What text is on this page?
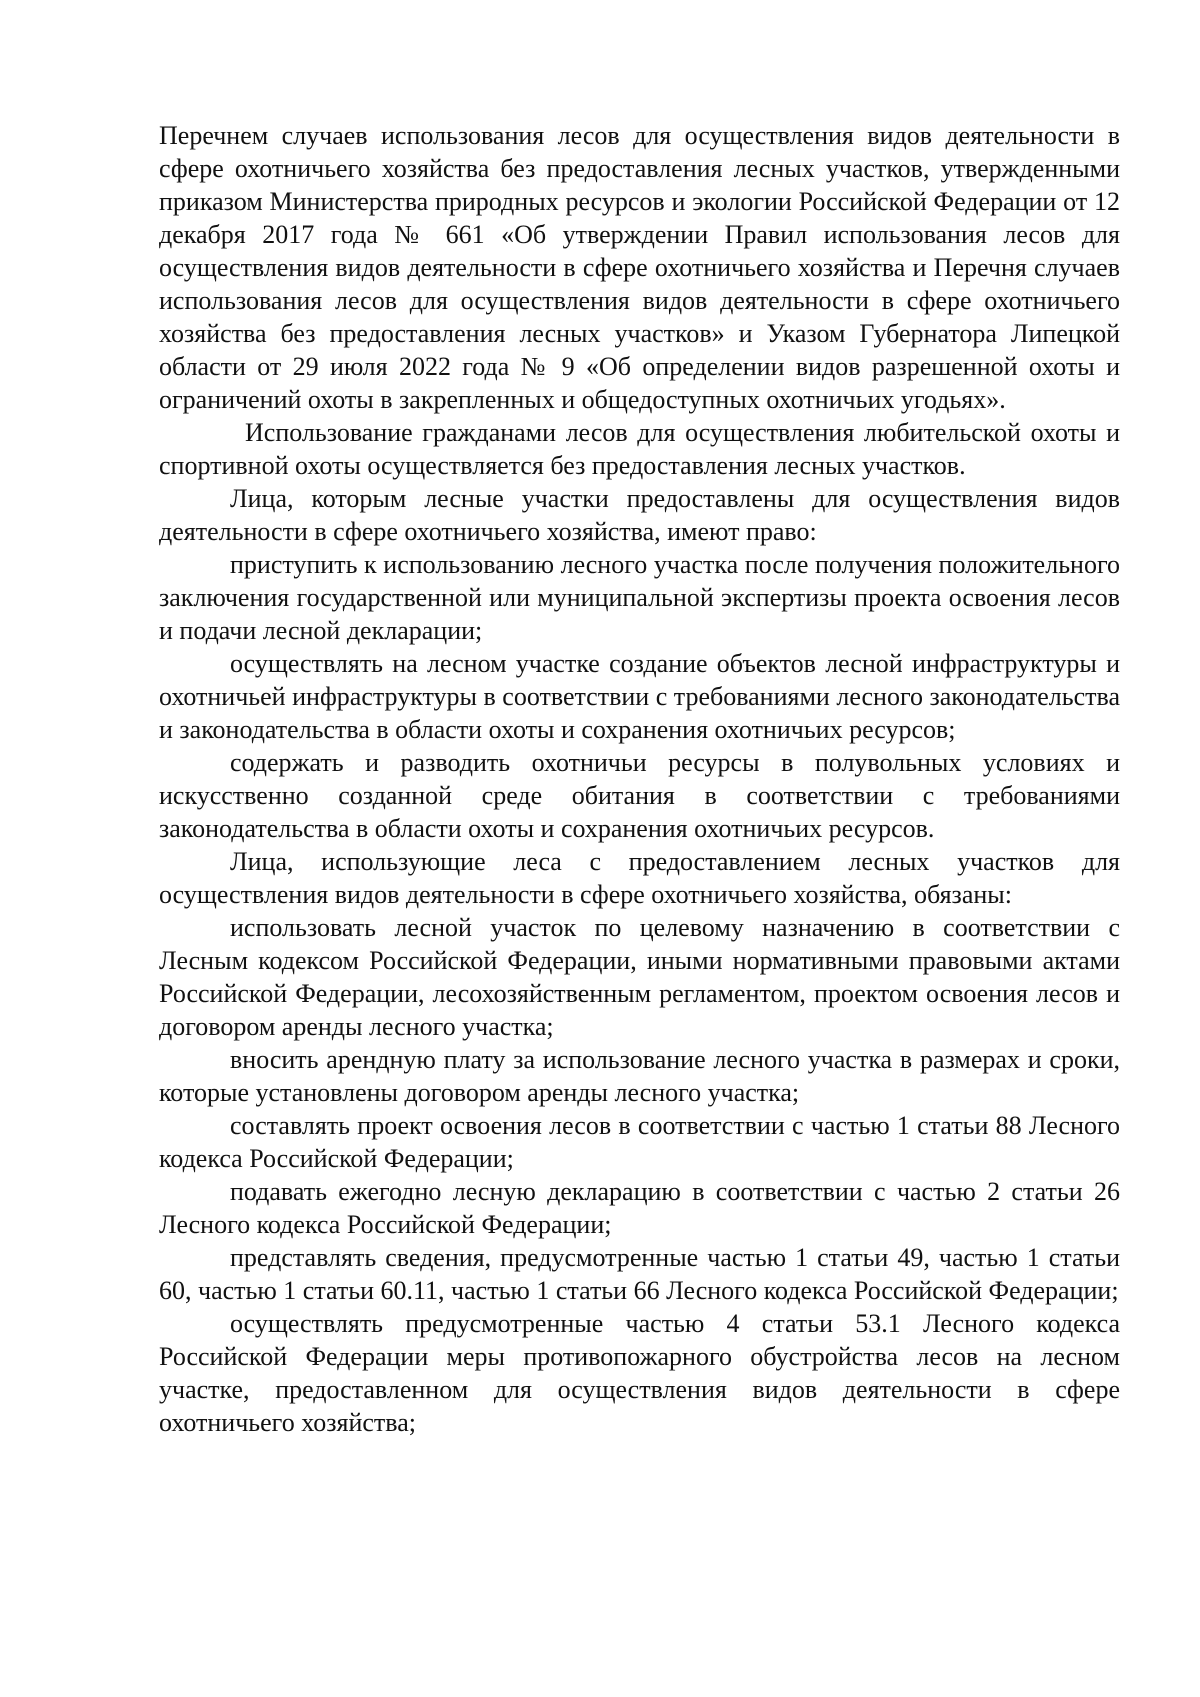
Перечнем случаев использования лесов для осуществления видов деятельности в сфере охотничьего хозяйства без предоставления лесных участков, утвержденными приказом Министерства природных ресурсов и экологии Российской Федерации от 12 декабря 2017 года № 661 «Об утверждении Правил использования лесов для осуществления видов деятельности в сфере охотничьего хозяйства и Перечня случаев использования лесов для осуществления видов деятельности в сфере охотничьего хозяйства без предоставления лесных участков» и Указом Губернатора Липецкой области от 29 июля 2022 года № 9 «Об определении видов разрешенной охоты и ограничений охоты в закрепленных и общедоступных охотничьих угодьях».

Использование гражданами лесов для осуществления любительской охоты и спортивной охоты осуществляется без предоставления лесных участков.

Лица, которым лесные участки предоставлены для осуществления видов деятельности в сфере охотничьего хозяйства, имеют право:

приступить к использованию лесного участка после получения положительного заключения государственной или муниципальной экспертизы проекта освоения лесов и подачи лесной декларации;

осуществлять на лесном участке создание объектов лесной инфраструктуры и охотничьей инфраструктуры в соответствии с требованиями лесного законодательства и законодательства в области охоты и сохранения охотничьих ресурсов;

содержать и разводить охотничьи ресурсы в полувольных условиях и искусственно созданной среде обитания в соответствии с требованиями законодательства в области охоты и сохранения охотничьих ресурсов.

Лица, использующие леса с предоставлением лесных участков для осуществления видов деятельности в сфере охотничьего хозяйства, обязаны:

использовать лесной участок по целевому назначению в соответствии с Лесным кодексом Российской Федерации, иными нормативными правовыми актами Российской Федерации, лесохозяйственным регламентом, проектом освоения лесов и договором аренды лесного участка;

вносить арендную плату за использование лесного участка в размерах и сроки, которые установлены договором аренды лесного участка;

составлять проект освоения лесов в соответствии с частью 1 статьи 88 Лесного кодекса Российской Федерации;

подавать ежегодно лесную декларацию в соответствии с частью 2 статьи 26 Лесного кодекса Российской Федерации;

представлять сведения, предусмотренные частью 1 статьи 49, частью 1 статьи 60, частью 1 статьи 60.11, частью 1 статьи 66 Лесного кодекса Российской Федерации;

осуществлять предусмотренные частью 4 статьи 53.1 Лесного кодекса Российской Федерации меры противопожарного обустройства лесов на лесном участке, предоставленном для осуществления видов деятельности в сфере охотничьего хозяйства;
